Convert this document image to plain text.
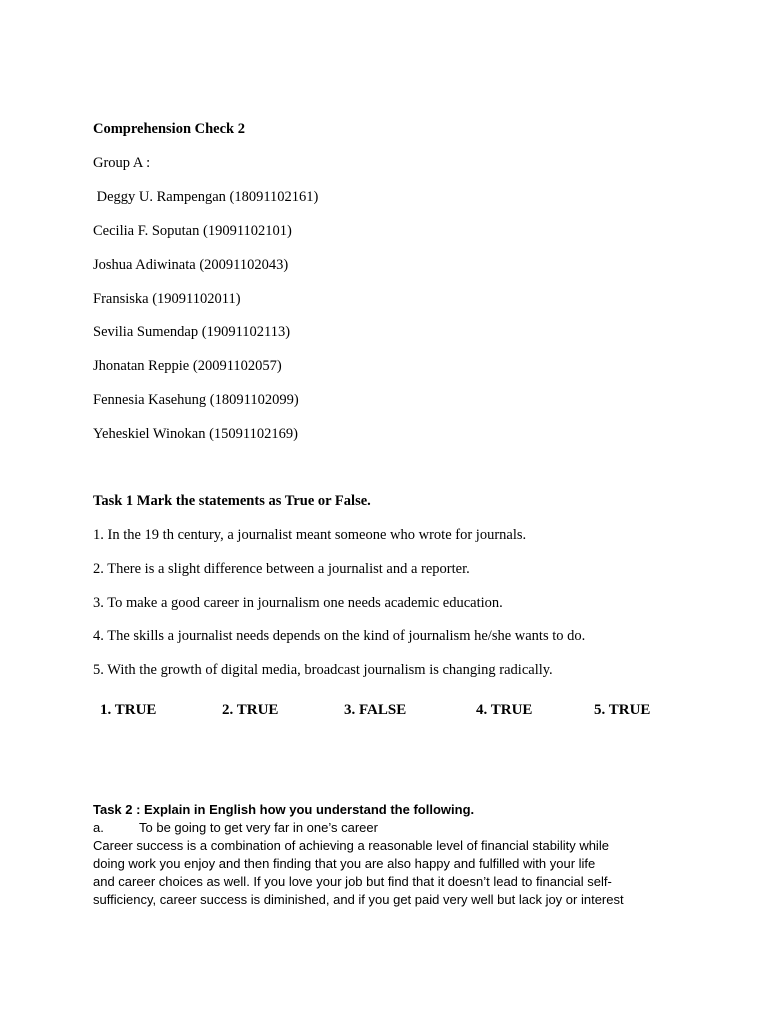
Comprehension Check 2
Group A :
Deggy U. Rampengan (18091102161)
Cecilia F. Soputan (19091102101)
Joshua Adiwinata (20091102043)
Fransiska (19091102011)
Sevilia Sumendap (19091102113)
Jhonatan Reppie (20091102057)
Fennesia Kasehung (18091102099)
Yeheskiel Winokan (15091102169)
Task 1 Mark the statements as True or False.
1. In the 19 th century, a journalist meant someone who wrote for journals.
2. There is a slight difference between a journalist and a reporter.
3. To make a good career in journalism one needs academic education.
4. The skills a journalist needs depends on the kind of journalism he/she wants to do.
5. With the growth of digital media, broadcast journalism is changing radically.
1. TRUE	2. TRUE	3. FALSE	4. TRUE	5. TRUE
Task 2 : Explain in English how you understand the following.
a.	To be going to get very far in one’s career
Career success is a combination of achieving a reasonable level of financial stability while
doing work you enjoy and then finding that you are also happy and fulfilled with your life
and career choices as well. If you love your job but find that it doesn’t lead to financial self-
sufficiency, career success is diminished, and if you get paid very well but lack joy or interest
